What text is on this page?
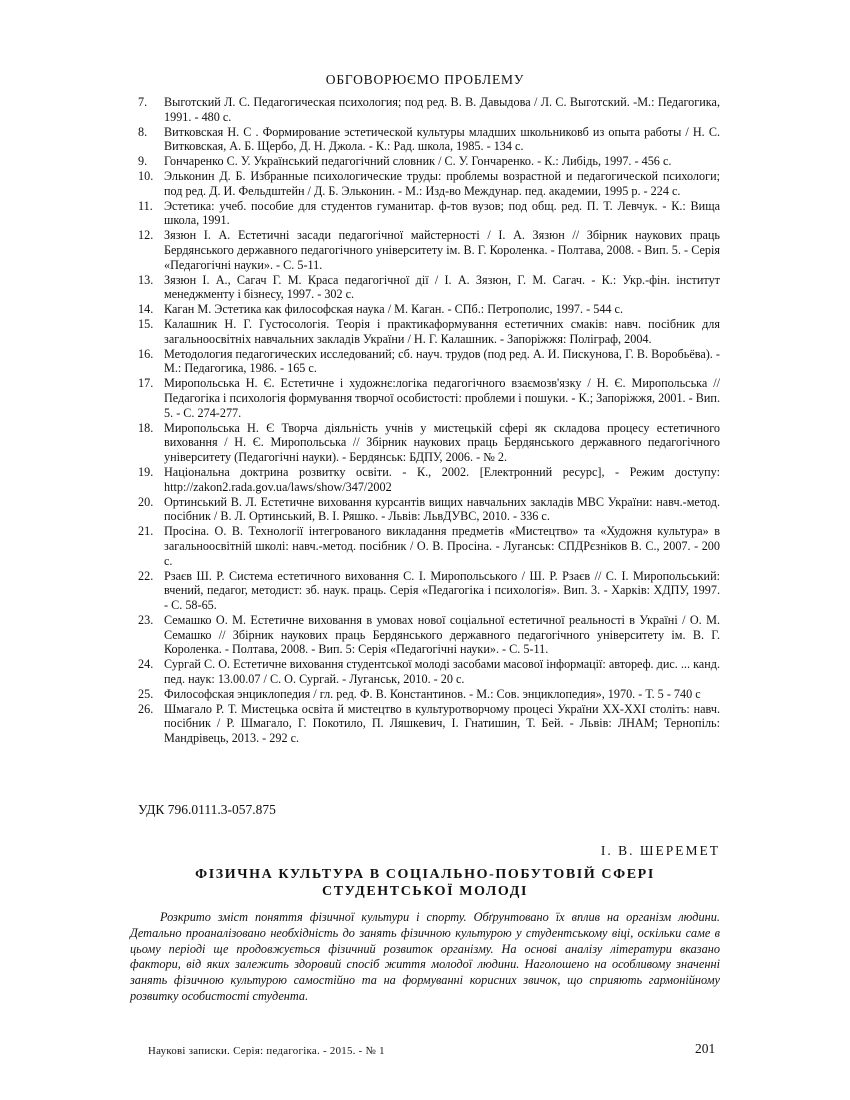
ОБГОВОРЮЄМО ПРОБЛЕМУ
7.	Выготский Л. С. Педагогическая психология; под ред. В. В. Давыдова / Л. С. Выготский. -М.: Педагогика, 1991. - 480 с.
8.	Витковская Н. С . Формирование эстетической культуры младших школьниковб из опыта работы / Н. С. Витковская, А. Б. Щербо, Д. Н. Джола. - К.: Рад. школа, 1985. - 134 с.
9.	Гончаренко С. У. Український педагогічний словник / С. У. Гончаренко. - К.: Либідь, 1997. - 456 с.
10. Эльконин Д. Б. Избранные психологические труды: проблемы возрастной и педагогической психологи; под ред. Д. И. Фельдштейн / Д. Б. Эльконин. - М.: Изд-во Междунар. пед. академии, 1995 р. - 224 с.
11. Эстетика: учеб. пособие для студентов гуманитар. ф-тов вузов; под общ. ред. П. Т. Левчук. - К.: Вища школа, 1991.
12. Зязюн І. А. Естетичні засади педагогічної майстерності / І. А. Зязюн // Збірник наукових праць Бердянського державного педагогічного університету ім. В. Г. Короленка. - Полтава, 2008. - Вип. 5. - Серія «Педагогічні науки». - С. 5-11.
13. Зязюн І. А., Сагач Г. М. Краса педагогічної дії / І. А. Зязюн, Г. М. Сагач. - К.: Укр.-фін. інститут менеджменту і бізнесу, 1997. - 302 с.
14. Каган М. Эстетика как философская наука / М. Каган. - СПб.: Петрополис, 1997. - 544 с.
15. Калашник Н. Г. Густосологія. Теорія і практикаформування естетичних смаків: навч. посібник для загальноосвітніх навчальних закладів України / Н. Г. Калашник. - Запоріжжя: Поліграф, 2004.
16. Методология педагогических исследований; сб. науч. трудов (под ред. А. И. Пискунова, Г. В. Воробьёва). - М.: Педагогика, 1986. - 165 с.
17. Миропольська Н. Є. Естетичне і художнє:логіка педагогічного взаємозв'язку / Н. Є. Миропольська // Педагогіка і психологія формування творчої особистості: проблеми і пошуки. - К.; Запоріжжя, 2001. - Вип. 5. - С. 274-277.
18. Миропольська Н. Є Творча діяльність учнів у мистецькій сфері як складова процесу естетичного виховання / Н. Є. Миропольська // Збірник наукових праць Бердянського державного педагогічного університету (Педагогічні науки). - Бердянськ: БДПУ, 2006. - № 2.
19. Національна доктрина розвитку освіти. - К., 2002. [Електронний ресурс], - Режим доступу: http://zakon2.rada.gov.ua/laws/show/347/2002
20. Ортинський В. Л. Естетичне виховання курсантів вищих навчальних закладів МВС України: навч.-метод. посібник / В. Л. Ортинський, В. І. Ряшко. - Львів: ЛьвДУВС, 2010. - 336 с.
21. Просіна. О. В. Технології інтегрованого викладання предметів «Мистецтво» та «Художня культура» в загальноосвітній школі: навч.-метод. посібник / О. В. Просіна. - Луганськ: СПДРєзніков В. С., 2007. - 200 с.
22. Рзаєв Ш. Р. Система естетичного виховання С. І. Миропольського / Ш. Р. Рзаєв // С. І. Миропольський: вчений, педагог, методист: зб. наук. праць. Серія «Педагогіка і психологія». Вип. 3. - Харків: ХДПУ, 1997. - С. 58-65.
23. Семашко О. М. Естетичне виховання в умовах нової соціальної естетичної реальності в Україні / О. М. Семашко // Збірник наукових праць Бердянського державного педагогічного університету ім. В. Г. Короленка. - Полтава, 2008. - Вип. 5: Серія «Педагогічні науки». - С. 5-11.
24. Сургай С. О. Естетичне виховання студентської молоді засобами масової інформації: автореф. дис. ... канд. пед. наук: 13.00.07 / С. О. Сургай. - Луганськ, 2010. - 20 с.
25. Философская энциклопедия / гл. ред. Ф. В. Константинов. - М.: Сов. энциклопедия», 1970. - Т. 5 - 740 с
26. Шмагало Р. Т. Мистецька освіта й мистецтво в культуротворчому процесі України ХХ-ХХІ століть: навч. посібник / Р. Шмагало, Г. Покотило, П. Ляшкевич, І. Гнатишин, Т. Бей. - Львів: ЛНАМ; Тернопіль: Мандрівець, 2013. - 292 с.
УДК 796.0111.3-057.875
І. В. ШЕРЕМЕТ
ФІЗИЧНА КУЛЬТУРА В СОЦІАЛЬНО-ПОБУТОВІЙ СФЕРІ СТУДЕНТСЬКОЇ МОЛОДІ

Розкрито зміст поняття фізичної культури і спорту. Обґрунтовано їх вплив на організм людини. Детально проаналізовано необхідність до занять фізичною культурою у студентському віці, оскільки саме в цьому періоді ще продовжується фізичний розвиток організму. На основі аналізу літератури вказано фактори, від яких залежить здоровий спосіб життя молодої людини. Наголошено на особливому значенні занять фізичною культурою самостійно та на формуванні корисних звичок, що сприяють гармонійному розвитку особистості студента.

Наукові записки. Серія: педагогіка. - 2015. - № 1	201
